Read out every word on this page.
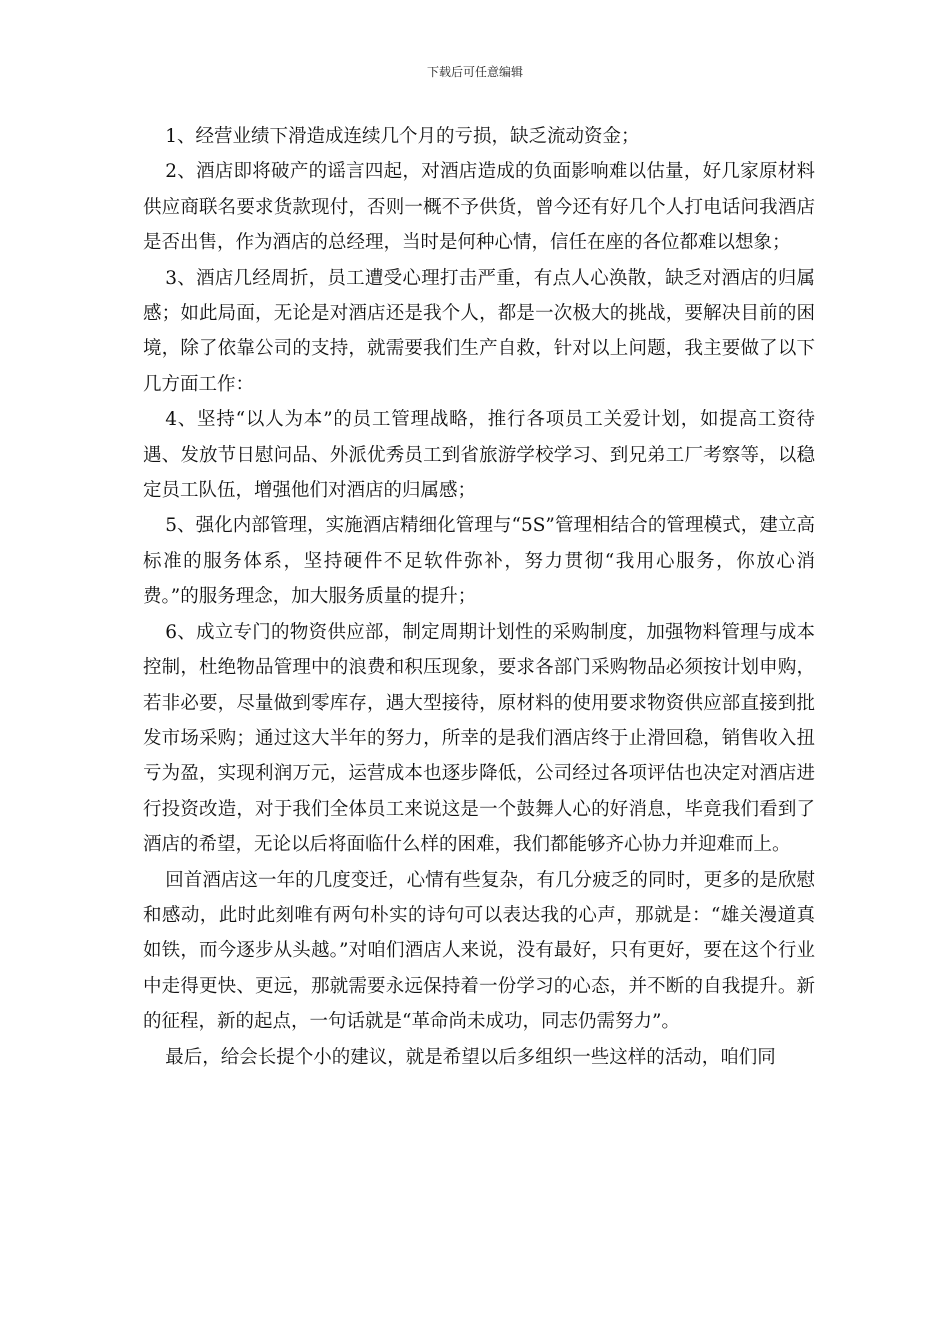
下载后可任意编辑

1、经营业绩下滑造成连续几个月的亏损，缺乏流动资金；

2、酒店即将破产的谣言四起，对酒店造成的负面影响难以估量，好几家原材料供应商联名要求货款现付，否则一概不予供货，曾今还有好几个人打电话问我酒店是否出售，作为酒店的总经理，当时是何种心情，信任在座的各位都难以想象；

3、酒店几经周折，员工遭受心理打击严重，有点人心涣散，缺乏对酒店的归属感；如此局面，无论是对酒店还是我个人，都是一次极大的挑战，要解决目前的困境，除了依靠公司的支持，就需要我们生产自救，针对以上问题，我主要做了以下几方面工作：

4、坚持“以人为本”的员工管理战略，推行各项员工关爱计划，如提高工资待遇、发放节日慰问品、外派优秀员工到省旅游学校学习、到兄弟工厂考察等，以稳定员工队伍，增强他们对酒店的归属感；

5、强化内部管理，实施酒店精细化管理与“5S”管理相结合的管理模式，建立高标准的服务体系，坚持硬件不足软件弥补，努力贯彻“我用心服务，你放心消费。”的服务理念，加大服务质量的提升；

6、成立专门的物资供应部，制定周期计划性的采购制度，加强物料管理与成本控制，杜绝物品管理中的浪费和积压现象，要求各部门采购物品必须按计划申购，若非必要，尽量做到零库存，遇大型接待，原材料的使用要求物资供应部直接到批发市场采购；通过这大半年的努力，所幸的是我们酒店终于止滑回稳，销售收入扭亏为盈，实现利润万元，运营成本也逐步降低，公司经过各项评估也决定对酒店进行投资改造，对于我们全体员工来说这是一个鼓舞人心的好消息，毕竟我们看到了酒店的希望，无论以后将面临什么样的困难，我们都能够齐心协力并迎难而上。

回首酒店这一年的几度变迁，心情有些复杂，有几分疲乏的同时，更多的是欣慰和感动，此时此刻唯有两句朴实的诗句可以表达我的心声，那就是：“雄关漫道真如铁，而今逐步从头越。”对咱们酒店人来说，没有最好，只有更好，要在这个行业中走得更快、更远，那就需要永远保持着一份学习的心态，并不断的自我提升。新的征程，新的起点，一句话就是“革命尚未成功，同志仍需努力”。

最后，给会长提个小的建议，就是希望以后多组织一些这样的活动，咱们同
